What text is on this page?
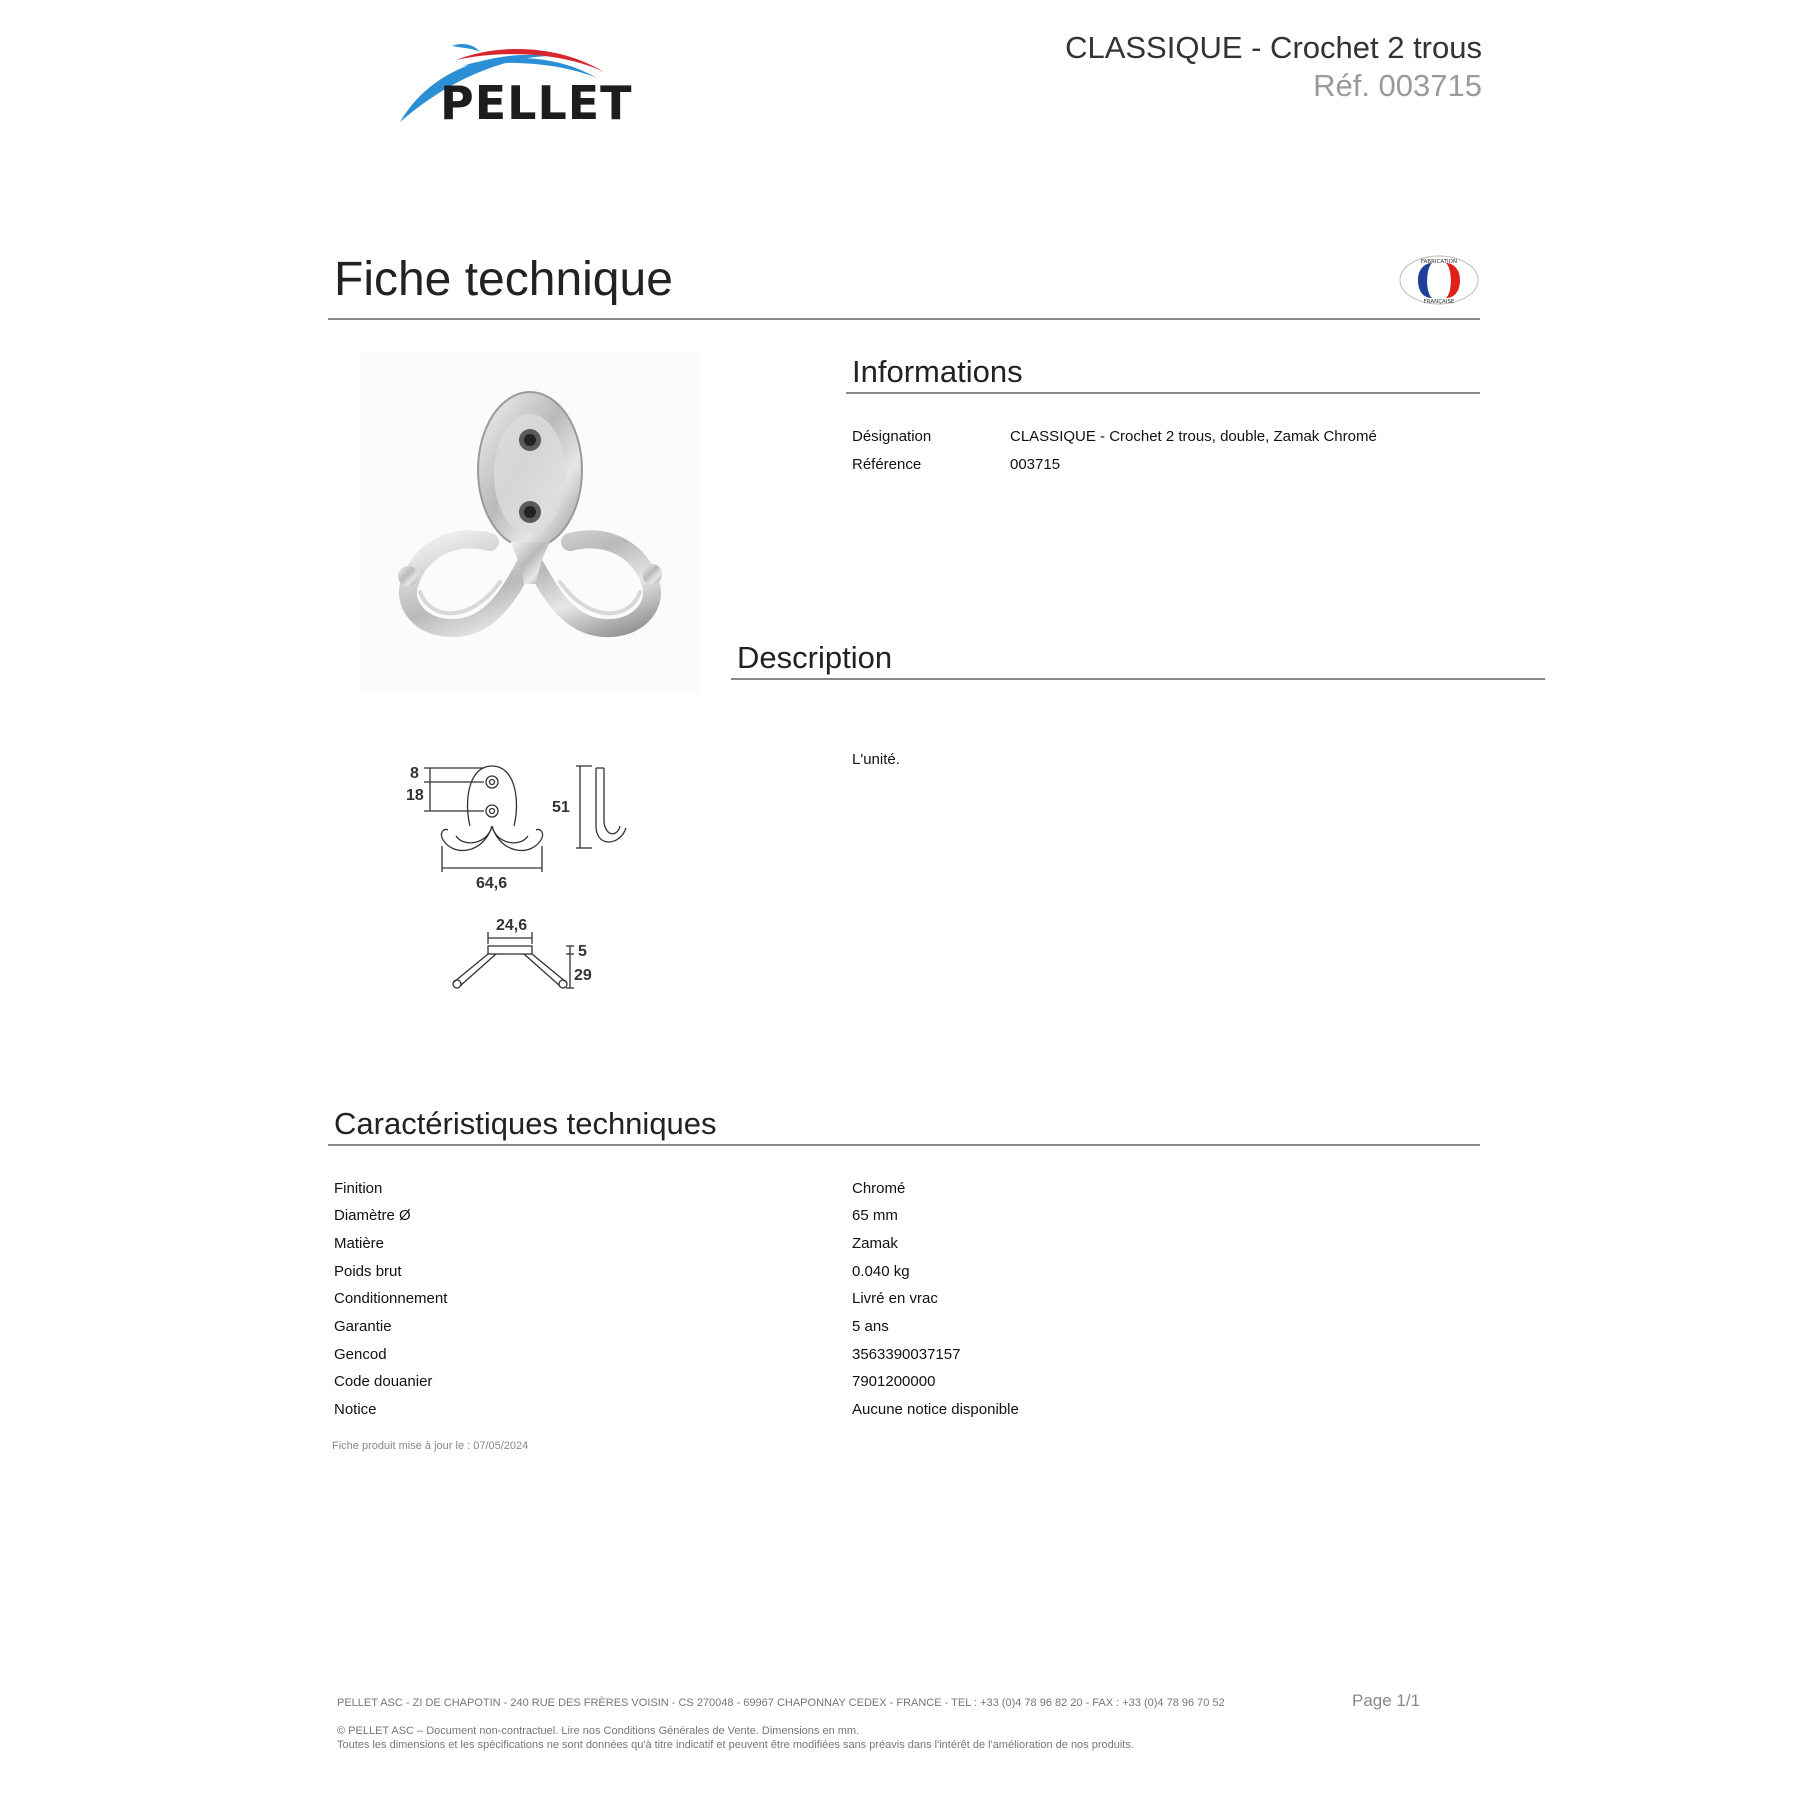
PELLET
CLASSIQUE - Crochet 2 trous
Réf. 003715
Fiche technique	FABRICATION
FRANÇAISE
8
18
51
64,6
24,6
5
29
Informations
Désignation	CLASSIQUE - Crochet 2 trous, double, Zamak Chromé
Référence	003715
Description
L'unité.
Caractéristiques techniques
Finition	Chromé
Diamètre Ø	65 mm
Matière	Zamak
Poids brut	0.040 kg
Conditionnement	Livré en vrac
Garantie	5 ans
Gencod	3563390037157
Code douanier	7901200000
Notice	Aucune notice disponible
Fiche produit mise à jour le : 07/05/2024
PELLET ASC - ZI DE CHAPOTIN - 240 RUE DES FRÈRES VOISIN - CS 270048 - 69967 CHAPONNAY CEDEX - FRANCE - TEL : +33 (0)4 78 96 82 20 - FAX : +33 (0)4 78 96 70 52	Page 1/1
© PELLET ASC – Document non-contractuel. Lire nos Conditions Générales de Vente. Dimensions en mm.
Toutes les dimensions et les spécifications ne sont données qu'à titre indicatif et peuvent être modifiées sans préavis dans l'intérêt de l'amélioration de nos produits.
